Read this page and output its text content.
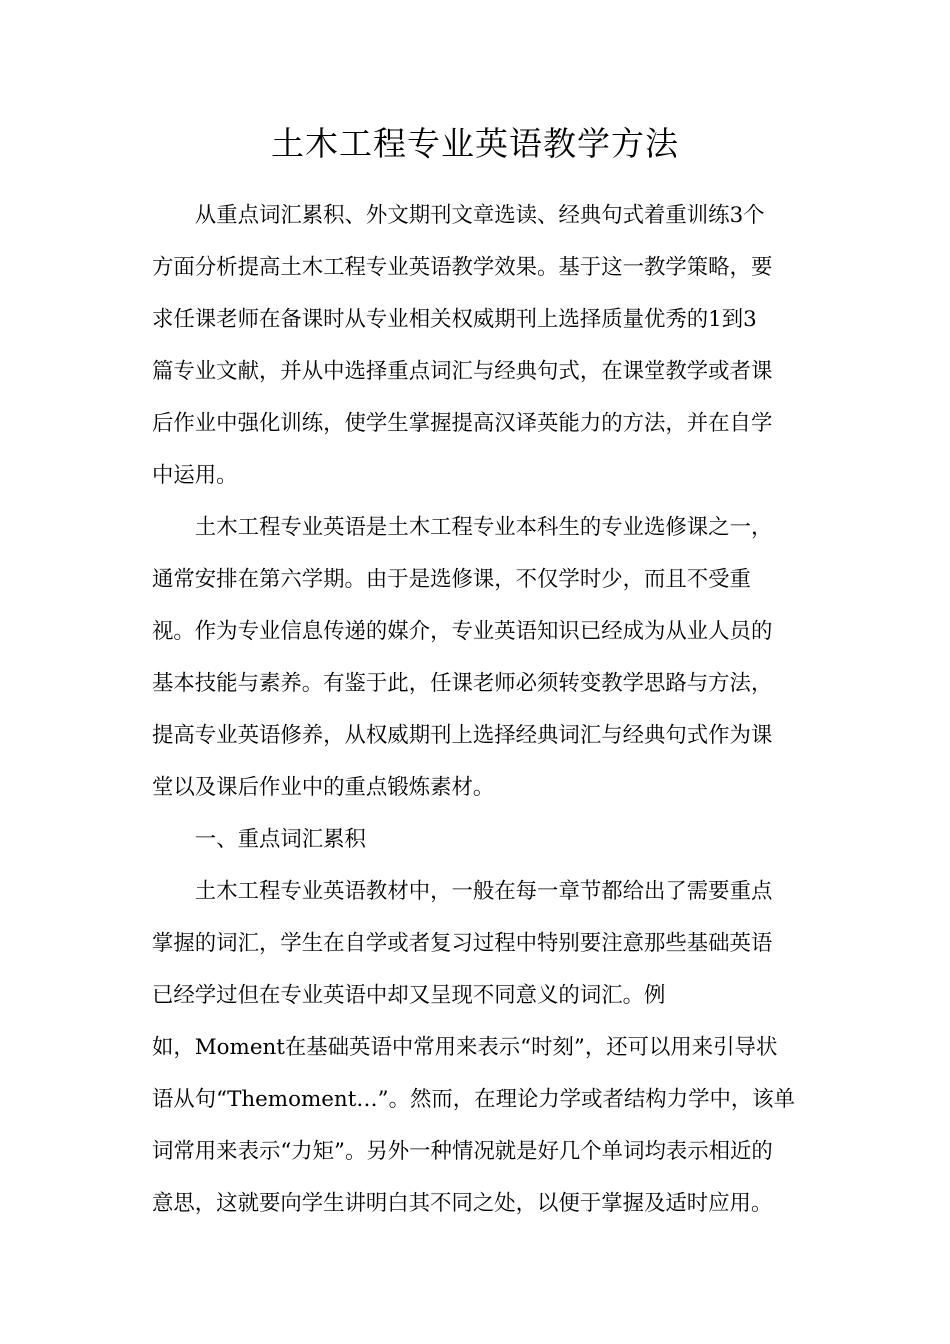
土木工程专业英语教学方法

从重点词汇累积、外文期刊文章选读、经典句式着重训练3个
方面分析提高土木工程专业英语教学效果。基于这一教学策略，要
求任课老师在备课时从专业相关权威期刊上选择质量优秀的1到3
篇专业文献，并从中选择重点词汇与经典句式，在课堂教学或者课
后作业中强化训练，使学生掌握提高汉译英能力的方法，并在自学
中运用。

土木工程专业英语是土木工程专业本科生的专业选修课之一，
通常安排在第六学期。由于是选修课，不仅学时少，而且不受重
视。作为专业信息传递的媒介，专业英语知识已经成为从业人员的
基本技能与素养。有鉴于此，任课老师必须转变教学思路与方法，
提高专业英语修养，从权威期刊上选择经典词汇与经典句式作为课
堂以及课后作业中的重点锻炼素材。

一、重点词汇累积

土木工程专业英语教材中，一般在每一章节都给出了需要重点
掌握的词汇，学生在自学或者复习过程中特别要注意那些基础英语
已经学过但在专业英语中却又呈现不同意义的词汇。例
如，Moment在基础英语中常用来表示“时刻”，还可以用来引导状
语从句“Themoment…”。然而，在理论力学或者结构力学中，该单
词常用来表示“力矩”。另外一种情况就是好几个单词均表示相近的
意思，这就要向学生讲明白其不同之处，以便于掌握及适时应用。
